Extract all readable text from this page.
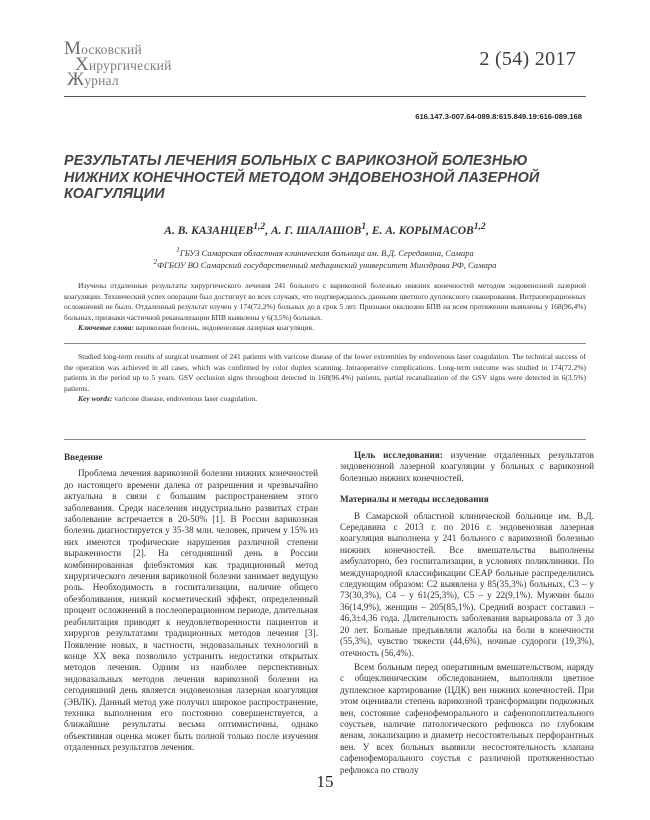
Московский
Хирургический
Журнал
2 (54) 2017
616.147.3-007.64-089.8:615.849.19:616-089.168
РЕЗУЛЬТАТЫ ЛЕЧЕНИЯ БОЛЬНЫХ С ВАРИКОЗНОЙ БОЛЕЗНЬЮ НИЖНИХ КОНЕЧНОСТЕЙ МЕТОДОМ ЭНДОВЕНОЗНОЙ ЛАЗЕРНОЙ КОАГУЛЯЦИИ
А. В. КАЗАНЦЕВ$^{1,2}$, А. Г. ШАЛАШОВ$^1$, Е. А. КОРЫМАСОВ$^{1,2}$
$^1$ГБУЗ Самарская областная клиническая больница им. В.Д. Середавина, Самара
$^2$ФГБОУ ВО Самарский государственный медицинский университет Минздрава РФ, Самара
Изучены отдаленные результаты хирургического лечения 241 больного с варикозной болезнью нижних конечностей методом эндовенозной лазерной коагуляции. Технический успех операции был достигнут во всех случаях, что подтверждалось данными цветного дуплексного сканирования. Интраоперационных осложнений не было. Отдаленный результат изучен у 174(72,2%) больных до в срок 5 лет. Признаки окклюзии БПВ на всем протяжении выявлены у 168(96,4%) больных, признаки частичной реканализации БПВ выявлены у 6(3,5%) больных.
Ключевые слова: варикозная болезнь, эндовенозная лазерная коагуляция.
Studied long-term results of surgical treatment of 241 patients with varicose disease of the lower extremities by endovenous laser coagulation. The technical success of the operation was achieved in all cases, which was confirmed by color duplex scanning. Intraoperative complications. Long-term outcome was studied in 174(72.2%) patients in the period up to 5 years. GSV occlusion signs throughout detected in 168(96.4%) patients, partial recanalization of the GSV signs were detected in 6(3.5%) patients.
Key words: varicose disease, endovenous laser coagulation.
Введение

Проблема лечения варикозной болезни нижних конечностей до настоящего времени далека от разрешения и чрезвычайно актуальна в связи с большим распространением этого заболевания. Среди населения индустриально развитых стран заболевание встречается в 20-50% [1]. В России варикозная болезнь диагностируется у 35-38 млн. человек, причем у 15% из них имеются трофические нарушения различной степени выраженности [2]. На сегодняшний день в России комбинированная флебэктомия как традиционный метод хирургического лечения варикозной болезни занимает ведущую роль. Необходимость в госпитализации, наличие общего обезболивания, низкий косметический эффект, определенный процент осложнений в послеоперационном периоде, длительная реабилитация приводят к неудовлетворенности пациентов и хирургов результатами традиционных методов лечения [3]. Появление новых, в частности, эндовазальных технологий в конце XX века позволило устранить недостатки открытых методов лечения. Одним из наиболее перспективных эндовазальных методов лечения варикозной болезни на сегодняшний день является эндовенозная лазерная коагуляция (ЭВЛК). Данный метод уже получил широкое распространение, техника выполнения его постоянно совершенствуется, а ближайшие результаты весьма оптимистичны, однако объективная оценка может быть полной только после изучения отдаленных результатов лечения.

Цель исследования: изучение отдаленных результатов эндовенозной лазерной коагуляции у больных с варикозной болезнью нижних конечностей.

Материалы и методы исследования

В Самарской областной клинической больнице им. В.Д. Середавина с 2013 г. по 2016 г. эндовенозная лазерная коагуляция выполнена у 241 больного с варикозной болезнью нижних конечностей. Все вмешательства выполнены амбулаторно, без госпитализации, в условиях поликлиники. По международной классификации СЕАР больные распределились следующим образом: С2 выявлена у 85(35,3%) больных, С3 – у 73(30,3%), С4 – у 61(25,3%), С5 – у 22(9,1%). Мужчин было 36(14,9%), женщин – 205(85,1%). Средний возраст составил – 46,3±4,36 года. Длительность заболевания варьировала от 3 до 20 лет. Больные предъявляли жалобы на боли в конечности (55,3%), чувство тяжести (44,6%), ночные судороги (19,3%), отечность (56,4%).

Всем больным перед оперативным вмешательством, наряду с общеклиническим обследованием, выполняли цветное дуплексное картирование (ЦДК) вен нижних конечностей. При этом оценивали степень варикозной трансформации подкожных вен, состояние сафенофеморального и сафенопоплитеального соустьев, наличие патологического рефлюкса по глубоким венам, локализацию и диаметр несостоятельных перфорантных вен. У всех больных выявили несостоятельность клапана сафенофеморального соустья с различной протяженностью рефлюкса по стволу

15
